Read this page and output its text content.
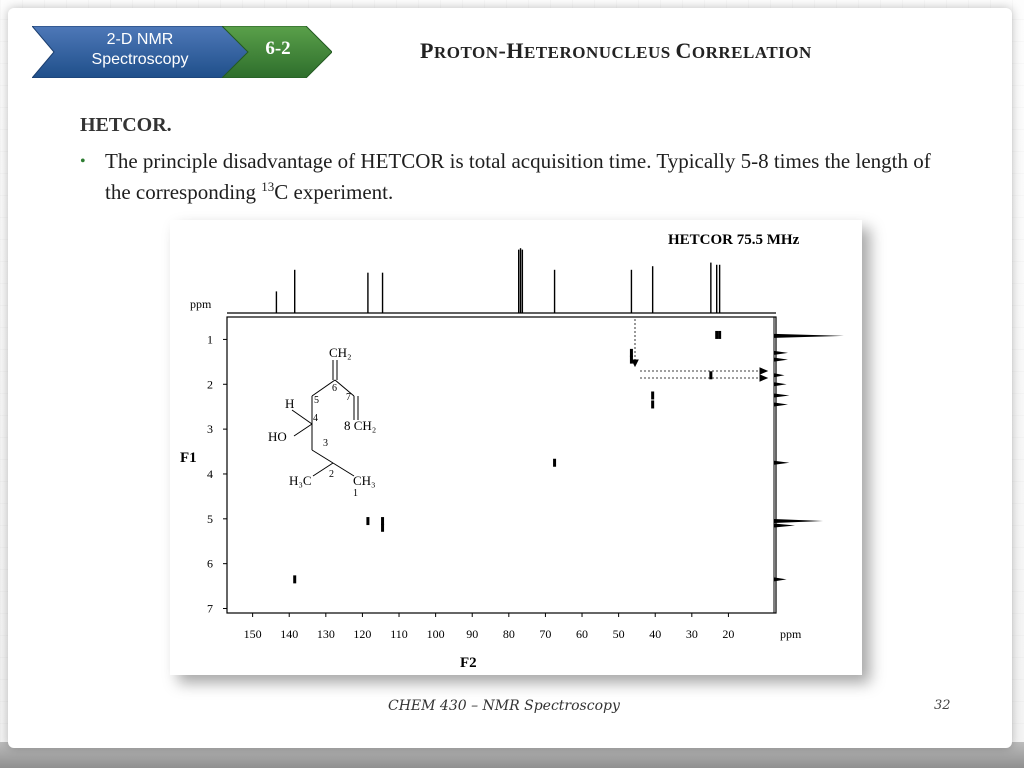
2-D NMR
Spectroscopy
6-2	PROTON-HETERONUCLEUS CORRELATION
HETCOR.
• The principle disadvantage of HETCOR is total acquisition time. Typically 5-8 times the length of the corresponding $^{13}$C experiment.
HETCOR 75.5 MHz
ppm
1
2
3
4
5
6
7
150 140 130 120 110 100 90 80 70 60 50 40 30 20	ppm
F1
F2
CH₂
6
5	7
H
4 8 CH₂
HO	3
H₃C 2 CH₃
1
CHEM 430 – NMR Spectroscopy	32
